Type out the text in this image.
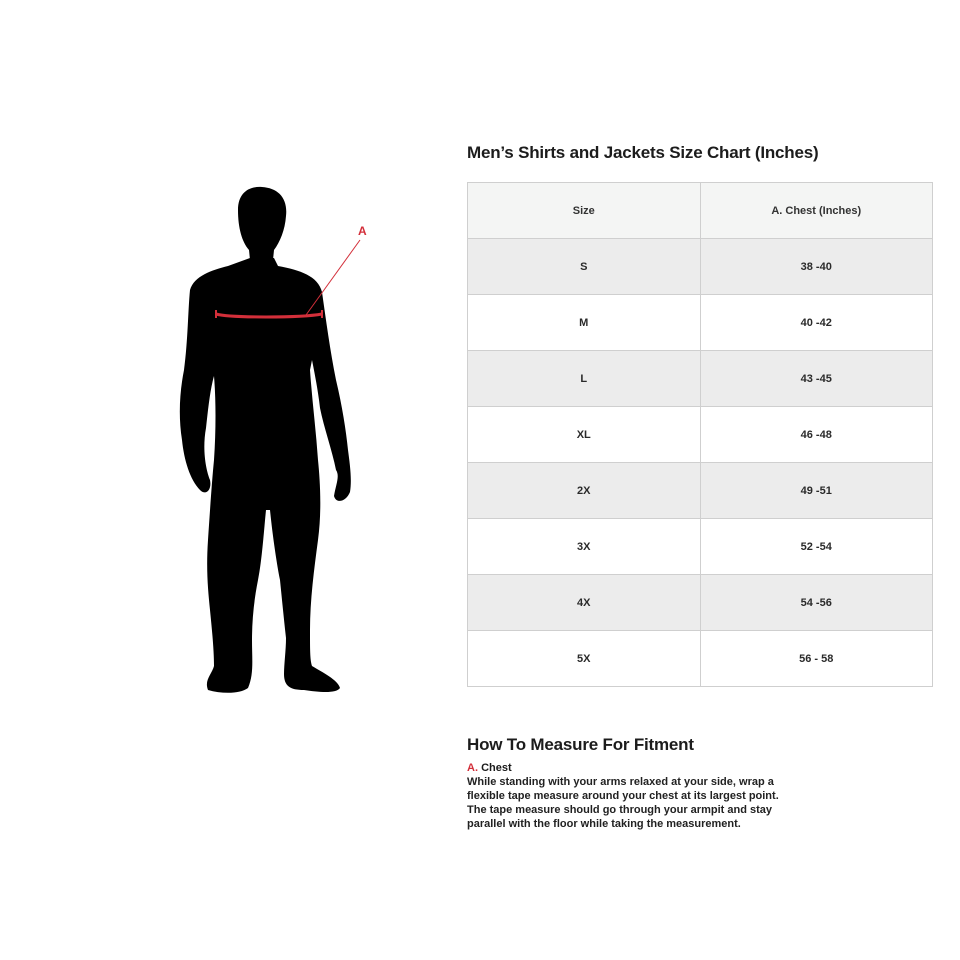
A
Men’s Shirts and Jackets Size Chart (Inches)
Size	A. Chest (Inches)
S	38 -40
M	40 -42
L	43 -45
XL	46 -48
2X	49 -51
3X	52 -54
4X	54 -56
5X	56 - 58
How To Measure For Fitment
A. Chest

While standing with your arms relaxed at your side, wrap a

flexible tape measure around your chest at its largest point.

The tape measure should go through your armpit and stay

parallel with the floor while taking the measurement.
